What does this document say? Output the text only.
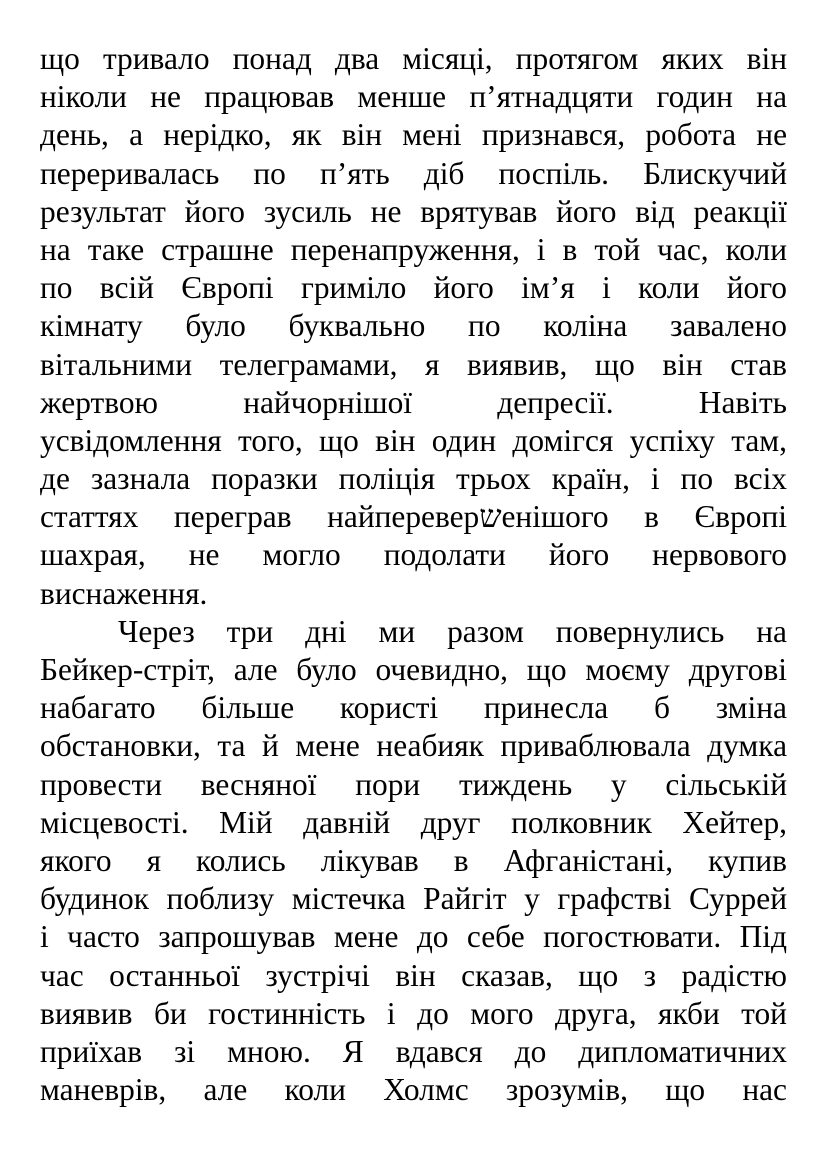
що тривало понад два місяці, протягом яких він
ніколи не працював менше п’ятнадцяти годин на
день, а нерідко, як він мені признався, робота не
переривалась по п’ять діб поспіль. Блискучий
результат його зусиль не врятував його від реакції
на таке страшне перенапруження, і в той час, коли
по всій Європі гриміло його ім’я і коли його
кімнату було буквально по коліна завалено
вітальними телеграмами, я виявив, що він став
жертвою найчорнішої депресії. Навіть
усвідомлення того, що він один домігся успіху там,
де зазнала поразки поліція трьох країн, і по всіх
статтях переграв найпереверשенішого в Європі
шахрая, не могло подолати його нервового
виснаження.
Через три дні ми разом повернулись на
Бейкер-стріт, але було очевидно, що моєму другові
набагато більше користі принесла б зміна
обстановки, та й мене неабияк приваблювала думка
провести весняної пори тиждень у сільській
місцевості. Мій давній друг полковник Хейтер,
якого я колись лікував в Афганістані, купив
будинок поблизу містечка Райгіт у графстві Суррей
і часто запрошував мене до себе погостювати. Під
час останньої зустрічі він сказав, що з радістю
виявив би гостинність і до мого друга, якби той
приїхав зі мною. Я вдався до дипломатичних
маневрів, але коли Холмс зрозумів, що нас
